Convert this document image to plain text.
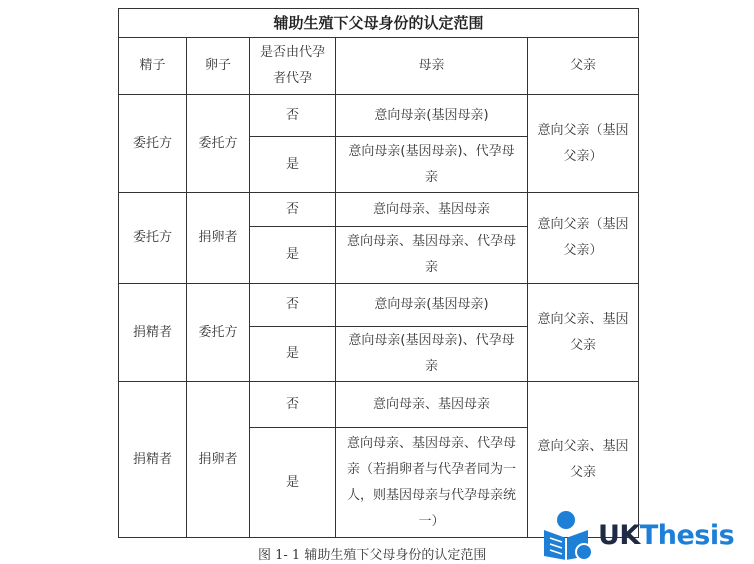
辅助生殖下父母身份的认定范围				
精子	卵子	是否由代孕者代孕	母亲	父亲
委托方	委托方	否	意向母亲(基因母亲)	意向父亲（基因父亲）
		是	意向母亲(基因母亲)、代孕母亲	
委托方	捐卵者	否	意向母亲、基因母亲	意向父亲（基因父亲）
		是	意向母亲、基因母亲、代孕母亲	
捐精者	委托方	否	意向母亲(基因母亲)	意向父亲、基因父亲
		是	意向母亲(基因母亲)、代孕母亲	
捐精者	捐卵者	否	意向母亲、基因母亲	意向父亲、基因父亲
		是	意向母亲、基因母亲、代孕母亲（若捐卵者与代孕者同为一人，则基因母亲与代孕母亲统一）	
图 1- 1 辅助生殖下父母身份的认定范围
UKThesis
